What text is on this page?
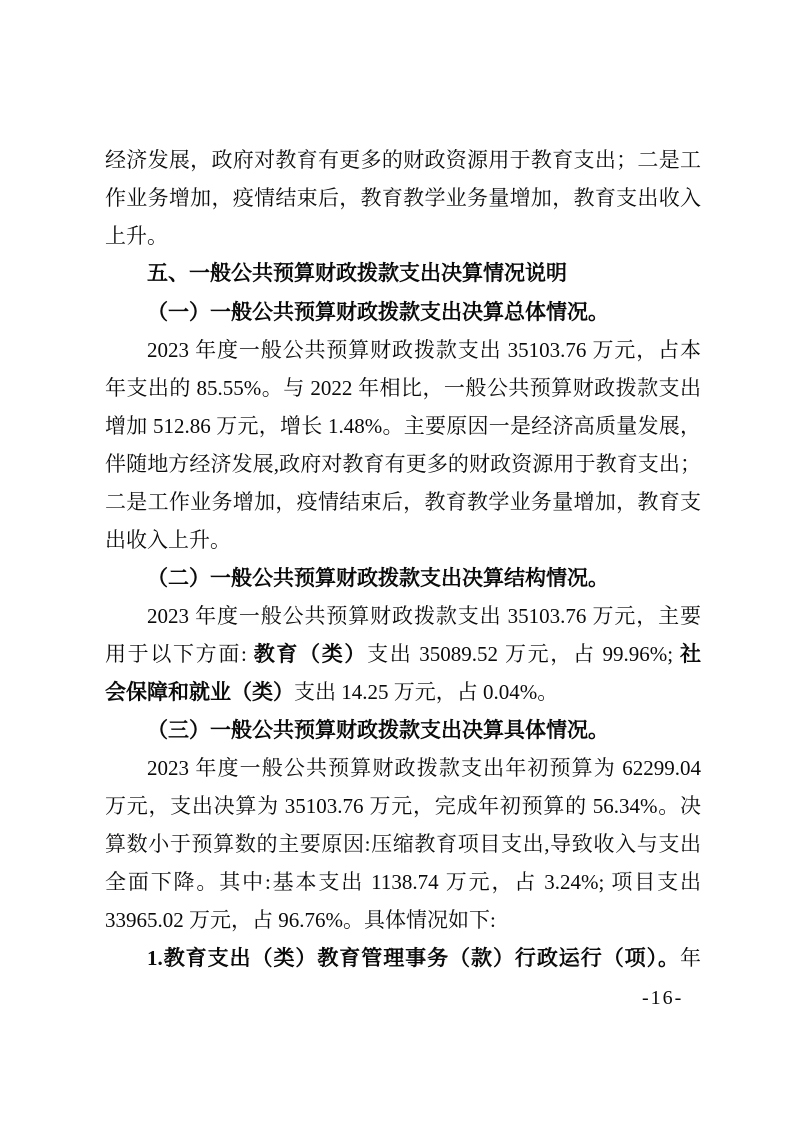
经济发展，政府对教育有更多的财政资源用于教育支出；二是工
作业务增加，疫情结束后，教育教学业务量增加，教育支出收入
上升。
五、一般公共预算财政拨款支出决算情况说明
（一）一般公共预算财政拨款支出决算总体情况。
2023 年度一般公共预算财政拨款支出 35103.76 万元，占本
年支出的 85.55%。与 2022 年相比，一般公共预算财政拨款支出
增加 512.86 万元，增长 1.48%。主要原因一是经济高质量发展，
伴随地方经济发展,政府对教育有更多的财政资源用于教育支出；
二是工作业务增加，疫情结束后，教育教学业务量增加，教育支
出收入上升。
（二）一般公共预算财政拨款支出决算结构情况。
2023 年度一般公共预算财政拨款支出 35103.76 万元，主要
用于以下方面: 教育（类）支出 35089.52 万元，占 99.96%; 社
会保障和就业（类）支出 14.25 万元，占 0.04%。
（三）一般公共预算财政拨款支出决算具体情况。
2023 年度一般公共预算财政拨款支出年初预算为 62299.04
万元，支出决算为 35103.76 万元，完成年初预算的 56.34%。决
算数小于预算数的主要原因:压缩教育项目支出,导致收入与支出
全面下降。其中:基本支出 1138.74 万元，占 3.24%; 项目支出
33965.02 万元，占 96.76%。具体情况如下:
1.教育支出（类）教育管理事务（款）行政运行（项）。年
-16-
